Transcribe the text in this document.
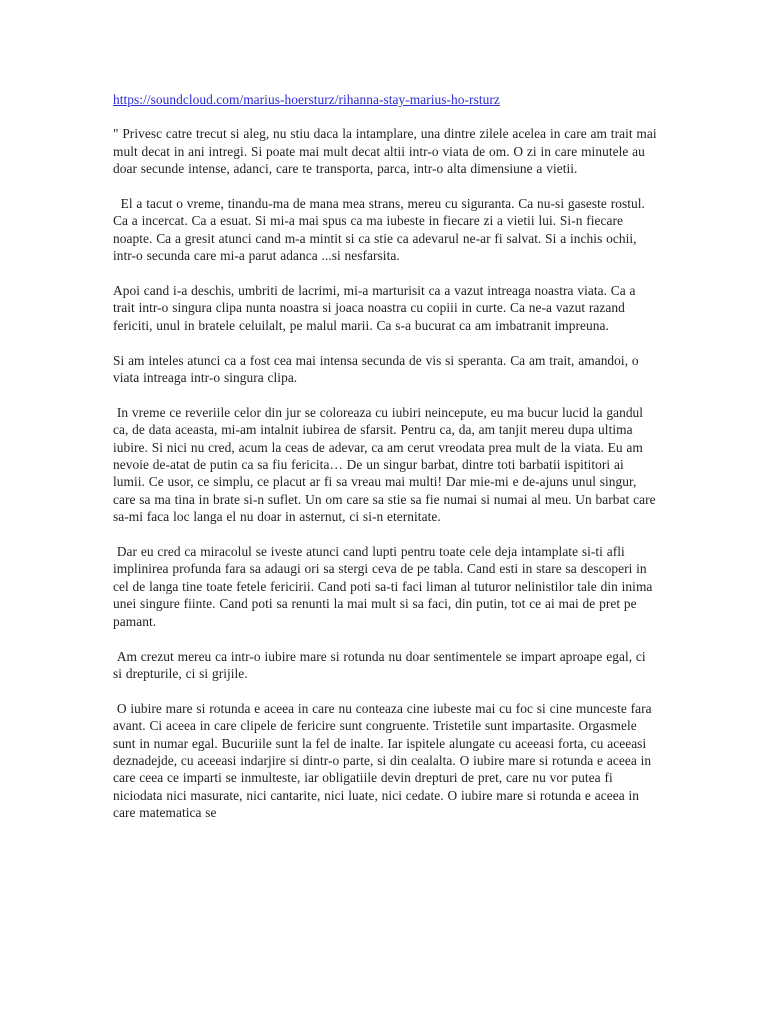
https://soundcloud.com/marius-hoersturz/rihanna-stay-marius-ho-rsturz

" Privesc catre trecut si aleg, nu stiu daca la intamplare, una dintre zilele acelea in care am trait mai mult decat in ani intregi. Si poate mai mult decat altii intr-o viata de om. O zi in care minutele au doar secunde intense, adanci, care te transporta, parca, intr-o alta dimensiune a vietii.

El a tacut o vreme, tinandu-ma de mana mea strans, mereu cu siguranta. Ca nu-si gaseste rostul. Ca a incercat. Ca a esuat. Si mi-a mai spus ca ma iubeste in fiecare zi a vietii lui. Si-n fiecare noapte. Ca a gresit atunci cand m-a mintit si ca stie ca adevarul ne-ar fi salvat. Si a inchis ochii, intr-o secunda care mi-a parut adanca ...si nesfarsita.

Apoi cand i-a deschis, umbriti de lacrimi, mi-a marturisit ca a vazut intreaga noastra viata. Ca a trait intr-o singura clipa nunta noastra si joaca noastra cu copiii in curte. Ca ne-a vazut razand fericiti, unul in bratele celuilalt, pe malul marii. Ca s-a bucurat ca am imbatranit impreuna.

Si am inteles atunci ca a fost cea mai intensa secunda de vis si speranta. Ca am trait, amandoi, o viata intreaga intr-o singura clipa.

In vreme ce reveriile celor din jur se coloreaza cu iubiri neincepute, eu ma bucur lucid la gandul ca, de data aceasta, mi-am intalnit iubirea de sfarsit. Pentru ca, da, am tanjit mereu dupa ultima iubire. Si nici nu cred, acum la ceas de adevar, ca am cerut vreodata prea mult de la viata. Eu am nevoie de-atat de putin ca sa fiu fericita… De un singur barbat, dintre toti barbatii ispititori ai lumii. Ce usor, ce simplu, ce placut ar fi sa vreau mai multi! Dar mie-mi e de-ajuns unul singur, care sa ma tina in brate si-n suflet. Un om care sa stie sa fie numai si numai al meu. Un barbat care sa-mi faca loc langa el nu doar in asternut, ci si-n eternitate.

Dar eu cred ca miracolul se iveste atunci cand lupti pentru toate cele deja intamplate si-ti afli implinirea profunda fara sa adaugi ori sa stergi ceva de pe tabla. Cand esti in stare sa descoperi in cel de langa tine toate fetele fericirii. Cand poti sa-ti faci liman al tuturor nelinistilor tale din inima unei singure fiinte. Cand poti sa renunti la mai mult si sa faci, din putin, tot ce ai mai de pret pe pamant.

Am crezut mereu ca intr-o iubire mare si rotunda nu doar sentimentele se impart aproape egal, ci si drepturile, ci si grijile.

O iubire mare si rotunda e aceea in care nu conteaza cine iubeste mai cu foc si cine munceste fara avant. Ci aceea in care clipele de fericire sunt congruente. Tristetile sunt impartasite. Orgasmele sunt in numar egal. Bucuriile sunt la fel de inalte. Iar ispitele alungate cu aceeasi forta, cu aceeasi deznadejde, cu aceeasi indarjire si dintr-o parte, si din cealalta. O iubire mare si rotunda e aceea in care ceea ce imparti se inmulteste, iar obligatiile devin drepturi de pret, care nu vor putea fi niciodata nici masurate, nici cantarite, nici luate, nici cedate. O iubire mare si rotunda e aceea in care matematica se
